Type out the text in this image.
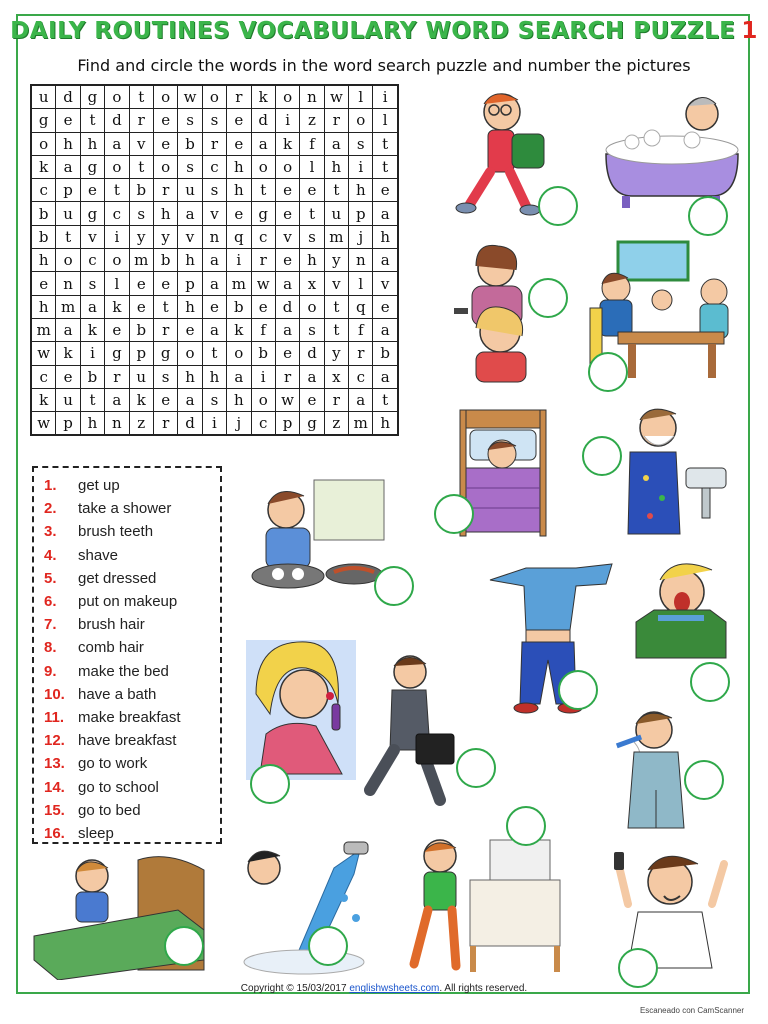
DAILY ROUTINES VOCABULARY WORD SEARCH PUZZLE 1
Find and circle the words in the word search puzzle and number the pictures
u	d	g	o	t	o	w	o	r	k	o	n	w	l	i
g	e	t	d	r	e	s	s	e	d	i	z	r	o	l
o	h	h	a	v	e	b	r	e	a	k	f	a	s	t
k	a	g	o	t	o	s	c	h	o	o	l	h	i	t
c	p	e	t	b	r	u	s	h	t	e	e	t	h	e
b	u	g	c	s	h	a	v	e	g	e	t	u	p	a
b	t	v	i	y	y	v	n	q	c	v	s	m	j	h
h	o	c	o	m	b	h	a	i	r	e	h	y	n	a
e	n	s	l	e	e	p	a	m	w	a	x	v	l	v
h	m	a	k	e	t	h	e	b	e	d	o	t	q	e
m	a	k	e	b	r	e	a	k	f	a	s	t	f	a
w	k	i	g	p	g	o	t	o	b	e	d	y	r	b
c	e	b	r	u	s	h	h	a	i	r	a	x	c	a
k	u	t	a	k	e	a	s	h	o	w	e	r	a	t
w	p	h	n	z	r	d	i	j	c	p	g	z	m	h
1.	get up
2.	take a shower
3.	brush teeth
4.	shave
5.	get dressed
6.	put on makeup
7.	brush hair
8.	comb hair
9.	make the bed
10. have a bath
11. make breakfast
12. have breakfast
13. go to work
14. go to school
15. go to bed
16. sleep
Copyright © 15/03/2017 englishwsheets.com. All rights reserved.
Escaneado con CamScanner
